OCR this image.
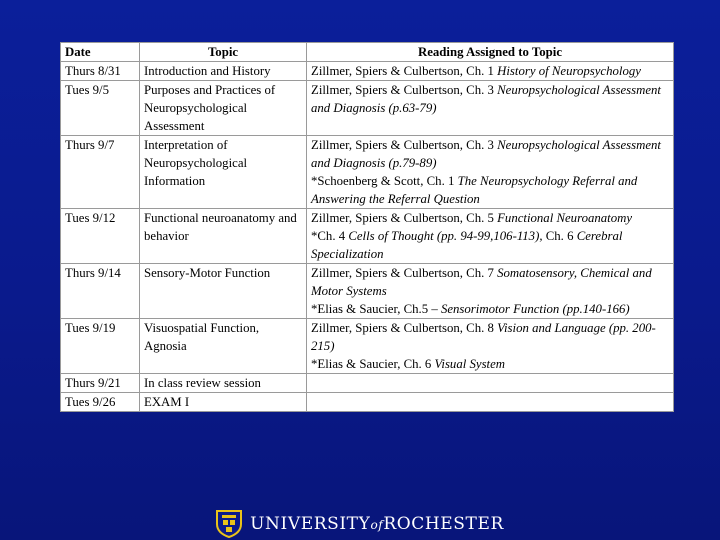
Date	Topic	Reading Assigned to Topic
Thurs 8/31	Introduction and History	Zillmer, Spiers & Culbertson, Ch. 1 History of Neuropsychology
Tues 9/5	Purposes and Practices of Neuropsychological Assessment	Zillmer, Spiers & Culbertson, Ch. 3 Neuropsychological Assessment and Diagnosis (p.63-79)
Thurs 9/7	Interpretation of Neuropsychological Information	Zillmer, Spiers & Culbertson, Ch. 3 Neuropsychological Assessment and Diagnosis (p.79-89)
*Schoenberg & Scott, Ch. 1 The Neuropsychology Referral and Answering the Referral Question
Tues 9/12	Functional neuroanatomy and behavior	Zillmer, Spiers & Culbertson, Ch. 5 Functional Neuroanatomy
*Ch. 4 Cells of Thought (pp. 94-99,106-113), Ch. 6 Cerebral Specialization
Thurs 9/14	Sensory-Motor Function	Zillmer, Spiers & Culbertson, Ch. 7 Somatosensory, Chemical and Motor Systems
*Elias & Saucier, Ch.5 – Sensorimotor Function (pp.140-166)
Tues 9/19	Visuospatial Function, Agnosia	Zillmer, Spiers & Culbertson, Ch. 8 Vision and Language (pp. 200-215)
*Elias & Saucier, Ch. 6 Visual System
Thurs 9/21	In class review session	
Tues 9/26	EXAM I	
UNIVERSITYofROCHESTER
